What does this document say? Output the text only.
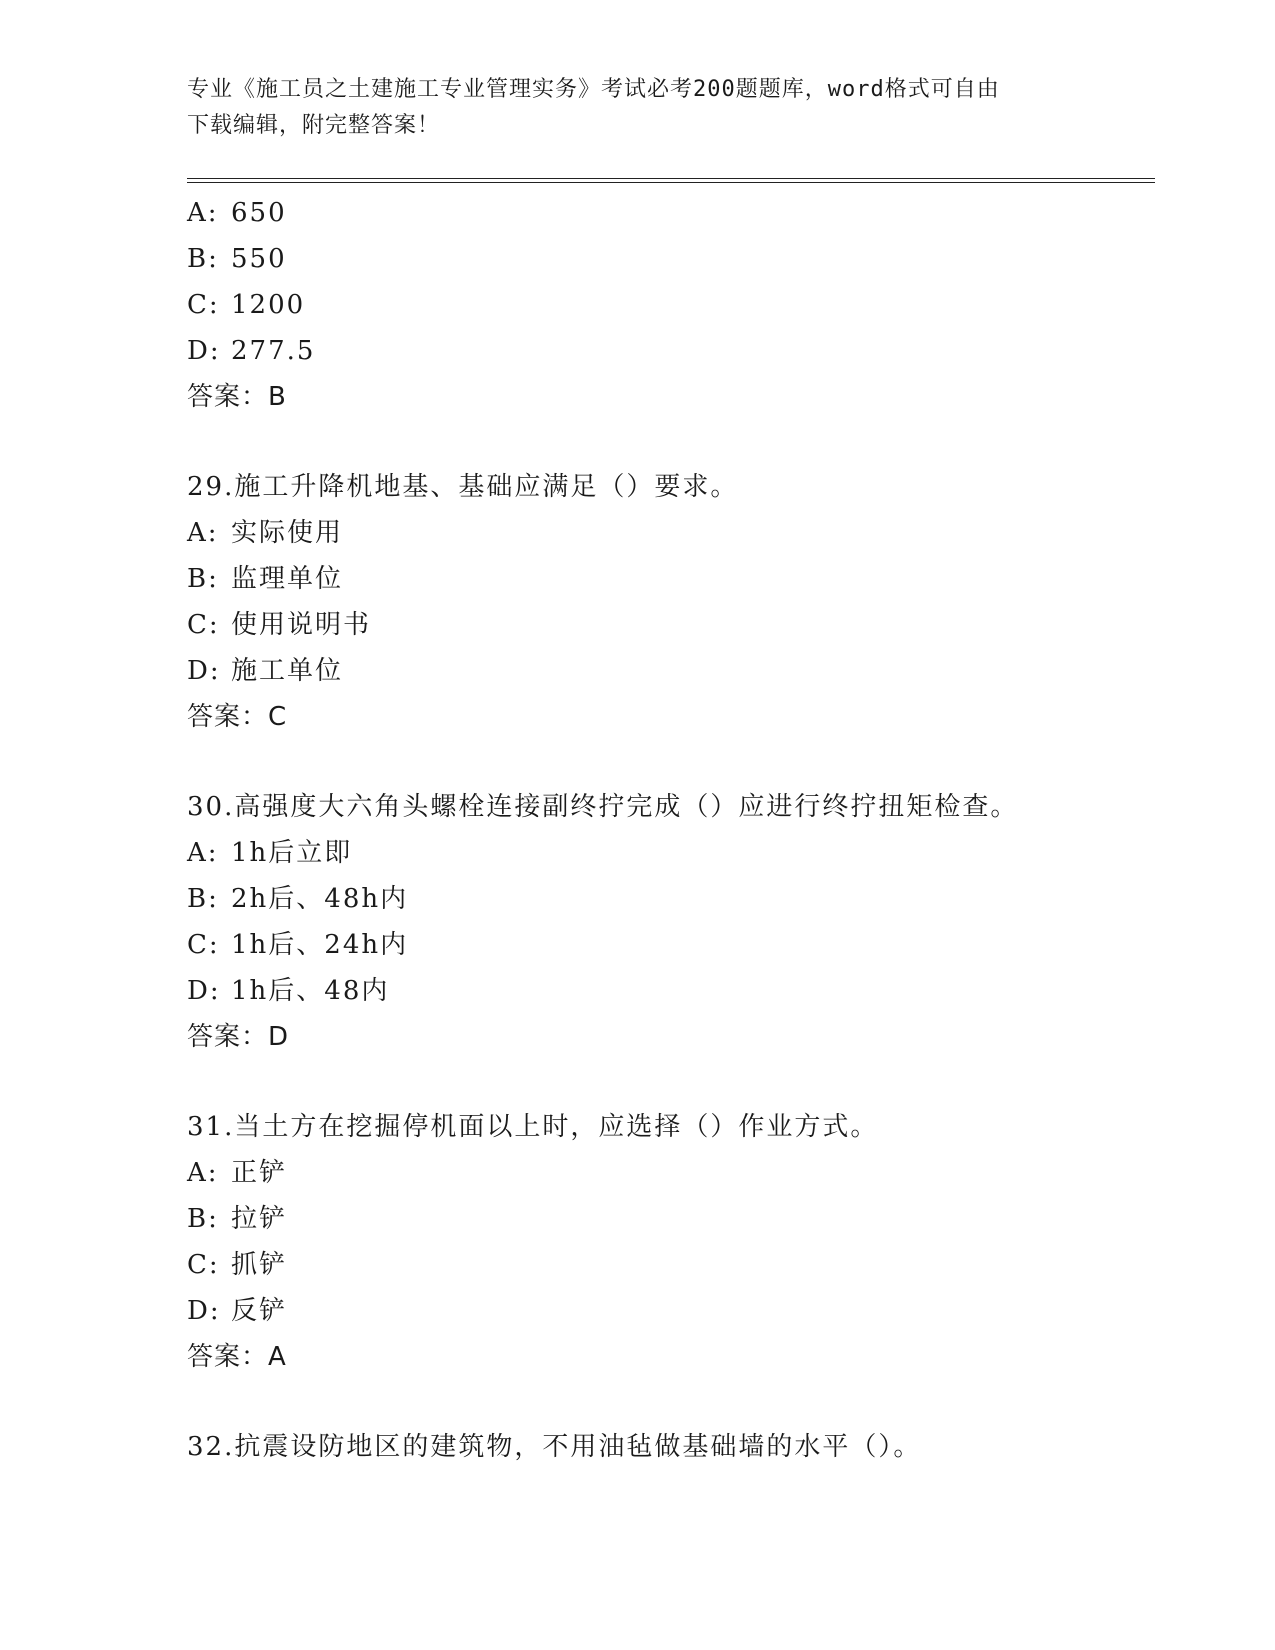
专业《施工员之土建施工专业管理实务》考试必考200题题库，word格式可自由
下载编辑，附完整答案！
A: 650
B: 550
C: 1200
D: 277.5
答案：B
29.施工升降机地基、基础应满足（）要求。
A: 实际使用
B: 监理单位
C: 使用说明书
D: 施工单位
答案：C
30.高强度大六角头螺栓连接副终拧完成（）应进行终拧扭矩检查。
A: 1h后立即
B: 2h后、48h内
C: 1h后、24h内
D: 1h后、48内
答案：D
31.当土方在挖掘停机面以上时，应选择（）作业方式。
A: 正铲
B: 拉铲
C: 抓铲
D: 反铲
答案：A
32.抗震设防地区的建筑物，不用油毡做基础墙的水平（）。
